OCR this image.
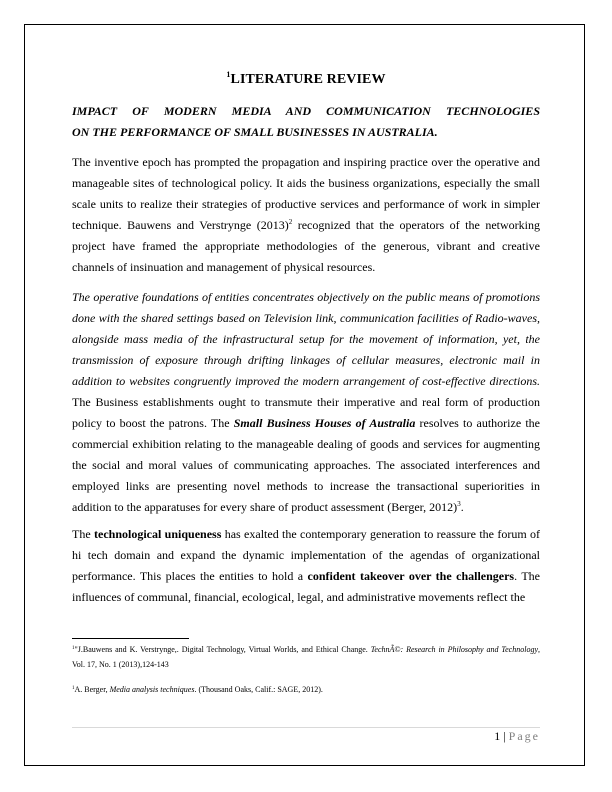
$^1$LITERATURE REVIEW
IMPACT OF MODERN MEDIA AND COMMUNICATION TECHNOLOGIES
ON THE PERFORMANCE OF SMALL BUSINESSES IN AUSTRALIA.
The inventive epoch has prompted the propagation and inspiring practice over the operative and manageable sites of technological policy. It aids the business organizations, especially the small scale units to realize their strategies of productive services and performance of work in simpler technique. Bauwens and Verstrynge $(2013)^2$ recognized that the operators of the networking project have framed the appropriate methodologies of the generous, vibrant and creative channels of insinuation and management of physical resources.
The operative foundations of entities concentrates objectively on the public means of promotions done with the shared settings based on Television link, communication facilities of Radio-waves, alongside mass media of the infrastructural setup for the movement of information, yet, the transmission of exposure through drifting linkages of cellular measures, electronic mail in addition to websites congruently improved the modern arrangement of cost-effective directions. The Business establishments ought to transmute their imperative and real form of production policy to boost the patrons. The Small Business Houses of Australia resolves to authorize the commercial exhibition relating to the manageable dealing of goods and services for augmenting the social and moral values of communicating approaches. The associated interferences and employed links are presenting novel methods to increase the transactional superiorities in addition to the apparatuses for every share of product assessment (Berger, 2012)$^3$.
The technological uniqueness has exalted the contemporary generation to reassure the forum of hi tech domain and expand the dynamic implementation of the agendas of organizational performance. This places the entities to hold a confident takeover over the challengers. The influences of communal, financial, ecological, legal, and administrative movements reflect the
$^1$"J.Bauwens and K. Verstrynge,. Digital Technology, Virtual Worlds, and Ethical Change. TechnÃ©: Research in Philosophy and Technology, Vol. 17, No. 1 (2013),124-143
$^1$A. Berger, Media analysis techniques. (Thousand Oaks, Calif.: SAGE, 2012).
1 | Page
